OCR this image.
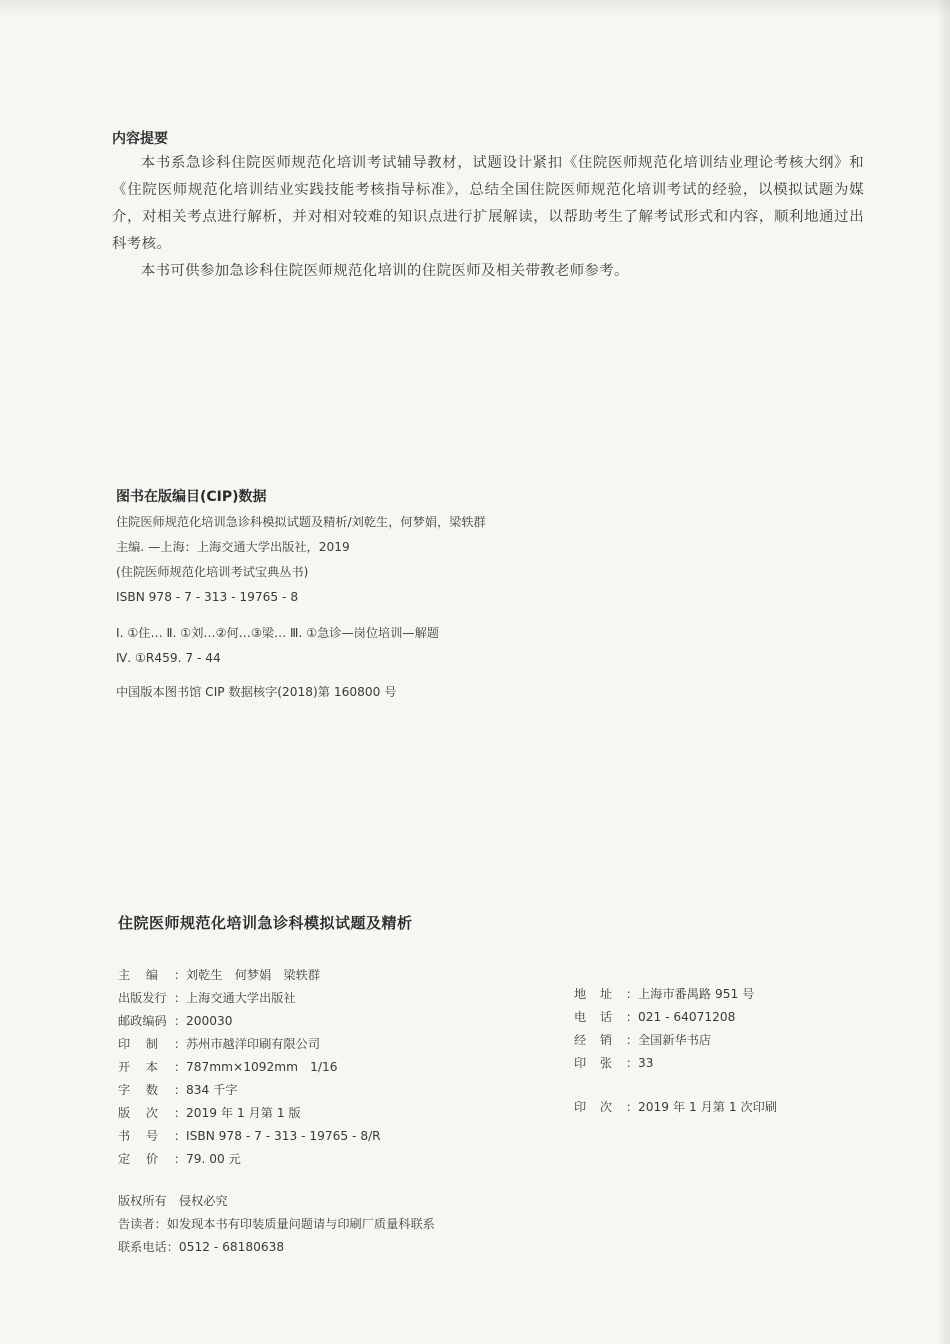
内容提要

本书系急诊科住院医师规范化培训考试辅导教材，试题设计紧扣《住院医师规范化培训结业理论考核大纲》和《住院医师规范化培训结业实践技能考核指导标准》，总结全国住院医师规范化培训考试的经验，以模拟试题为媒介，对相关考点进行解析，并对相对较难的知识点进行扩展解读，以帮助考生了解考试形式和内容，顺利地通过出科考核。

本书可供参加急诊科住院医师规范化培训的住院医师及相关带教老师参考。

图书在版编目(CIP)数据
住院医师规范化培训急诊科模拟试题及精析/刘乾生，何梦娟，梁轶群
主编. —上海：上海交通大学出版社，2019
(住院医师规范化培训考试宝典丛书)
ISBN 978 - 7 - 313 - 19765 - 8
Ⅰ. ①住… Ⅱ. ①刘…②何…③梁… Ⅲ. ①急诊—岗位培训—解题
Ⅳ. ①R459. 7 - 44
中国版本图书馆 CIP 数据核字(2018)第 160800 号
住院医师规范化培训急诊科模拟试题及精析
主 编 ： 刘乾生　何梦娟　梁轶群
出版发行 ： 上海交通大学出版社
邮政编码 ： 200030
印 制 ： 苏州市越洋印刷有限公司
开 本 ： 787mm×1092mm　1/16
字 数 ： 834 千字
版 次 ： 2019 年 1 月第 1 版
书 号 ： ISBN 978 - 7 - 313 - 19765 - 8/R
定 价 ： 79. 00 元
地 址 ： 上海市番禺路 951 号
电 话 ： 021 - 64071208
经 销 ： 全国新华书店
印 张 ： 33
印 次 ： 2019 年 1 月第 1 次印刷
版权所有　侵权必究
告读者：如发现本书有印装质量问题请与印刷厂质量科联系
联系电话：0512 - 68180638
